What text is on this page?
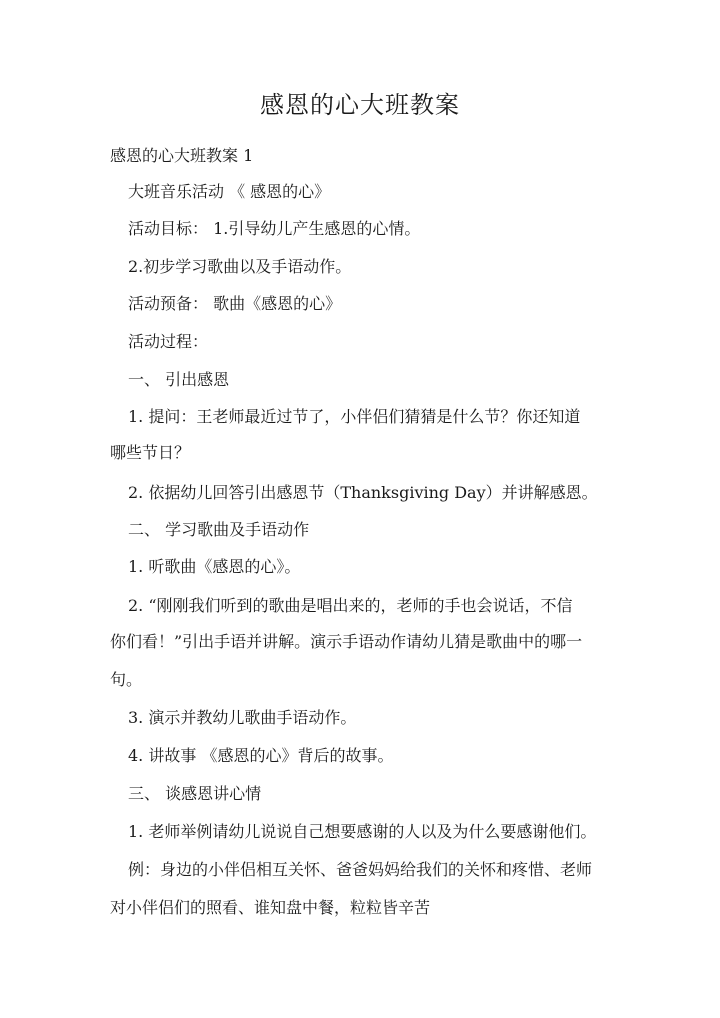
感恩的心大班教案

感恩的心大班教案 1

大班音乐活动 《 感恩的心》

活动目标： 1.引导幼儿产生感恩的心情。

2.初步学习歌曲以及手语动作。

活动预备： 歌曲《感恩的心》

活动过程：

一、 引出感恩

1. 提问：王老师最近过节了，小伴侣们猜猜是什么节？你还知道

哪些节日？

2. 依据幼儿回答引出感恩节（Thanksgiving Day）并讲解感恩。

二、 学习歌曲及手语动作

1. 听歌曲《感恩的心》。

2. “刚刚我们听到的歌曲是唱出来的，老师的手也会说话，不信

你们看！”引出手语并讲解。演示手语动作请幼儿猜是歌曲中的哪一

句。

3. 演示并教幼儿歌曲手语动作。

4. 讲故事 《感恩的心》背后的故事。

三、 谈感恩讲心情

1. 老师举例请幼儿说说自己想要感谢的人以及为什么要感谢他们。

例：身边的小伴侣相互关怀、爸爸妈妈给我们的关怀和疼惜、老师

对小伴侣们的照看、谁知盘中餐，粒粒皆辛苦
